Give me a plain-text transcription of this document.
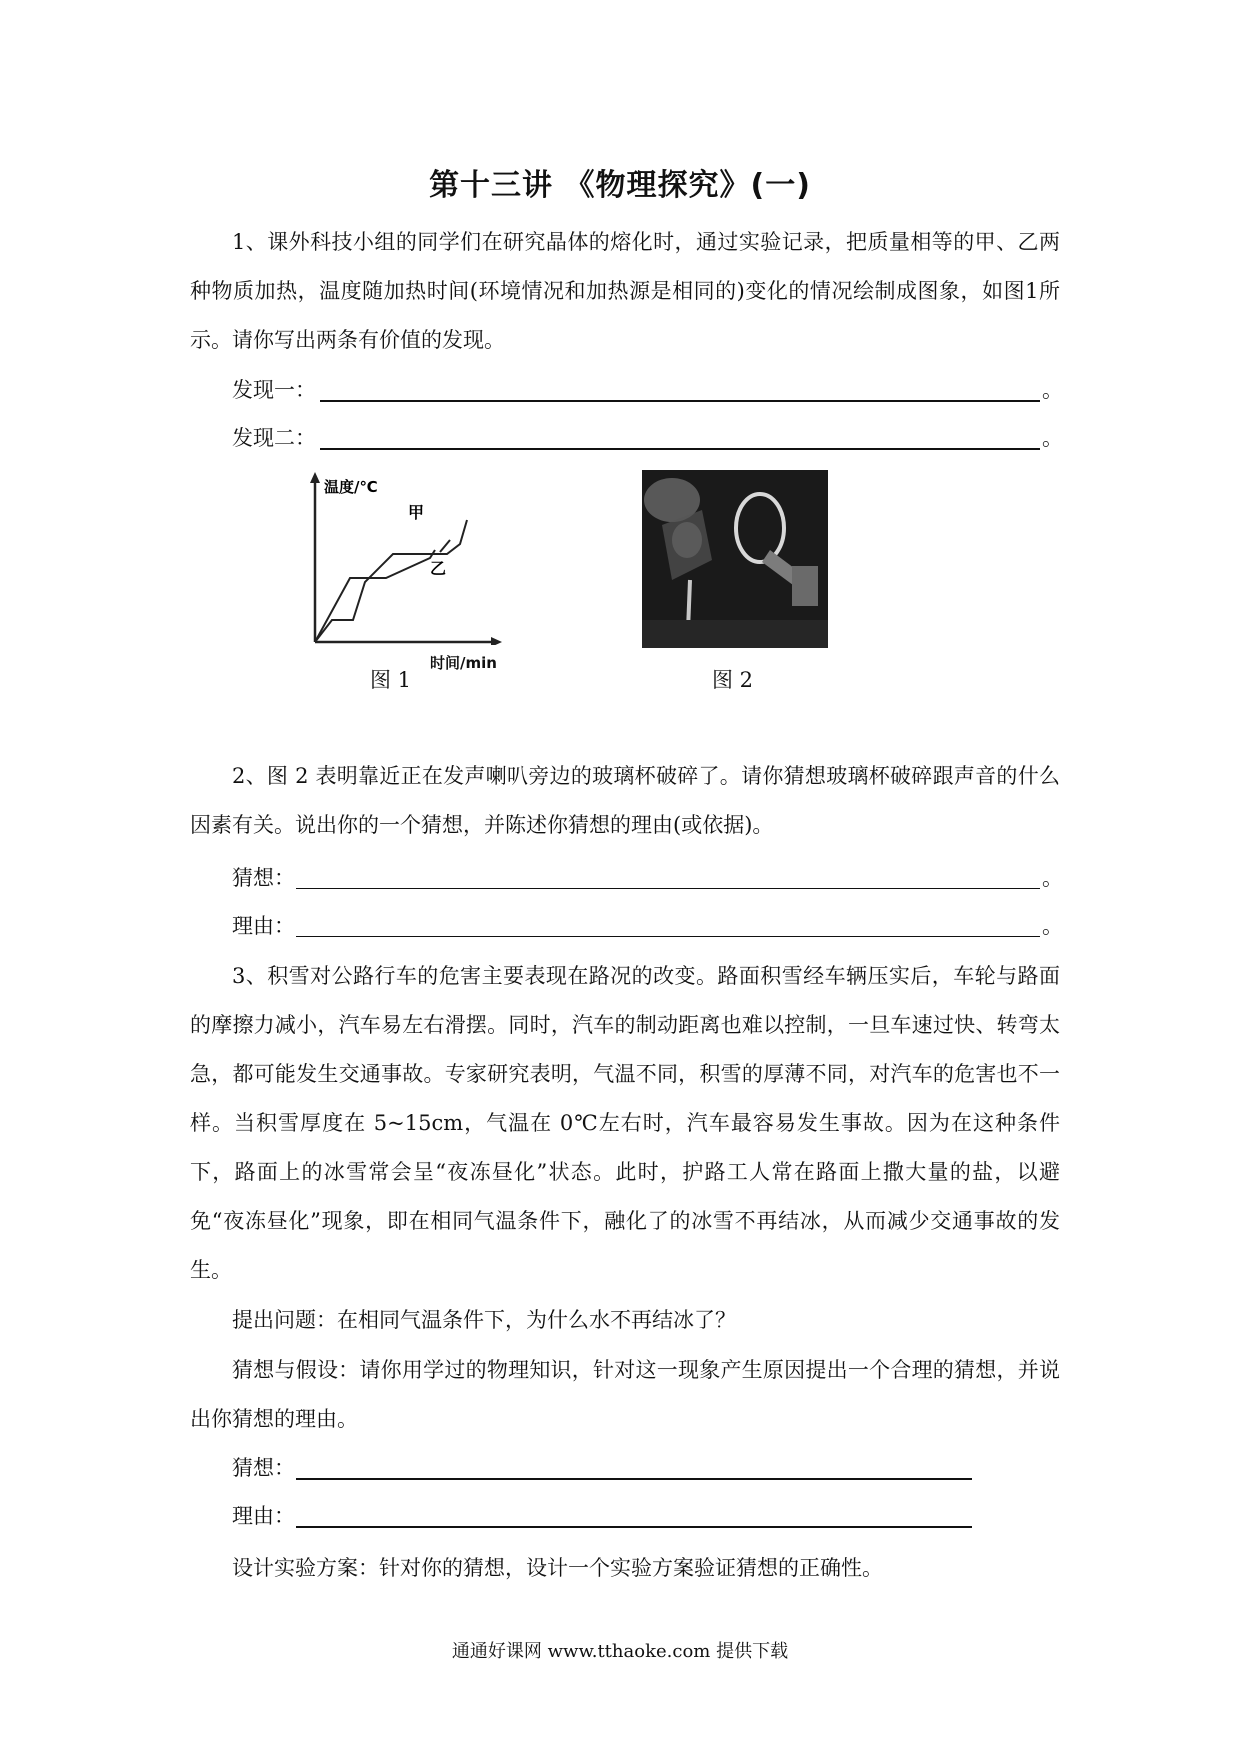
第十三讲 《物理探究》(一)
1、课外科技小组的同学们在研究晶体的熔化时，通过实验记录，把质量相等的甲、乙两种物质加热，温度随加热时间(环境情况和加热源是相同的)变化的情况绘制成图象，如图1所示。请你写出两条有价值的发现。
发现一：	。
发现二：	。
温度/℃
甲
乙
时间/min
图 1	图 2
2、图 2 表明靠近正在发声喇叭旁边的玻璃杯破碎了。请你猜想玻璃杯破碎跟声音的什么因素有关。说出你的一个猜想，并陈述你猜想的理由(或依据)。
猜想：	。
理由：	。
3、积雪对公路行车的危害主要表现在路况的改变。路面积雪经车辆压实后，车轮与路面的摩擦力减小，汽车易左右滑摆。同时，汽车的制动距离也难以控制，一旦车速过快、转弯太急，都可能发生交通事故。专家研究表明，气温不同，积雪的厚薄不同，对汽车的危害也不一样。当积雪厚度在 5~15cm，气温在 0℃左右时，汽车最容易发生事故。因为在这种条件下，路面上的冰雪常会呈“夜冻昼化”状态。此时，护路工人常在路面上撒大量的盐，以避免“夜冻昼化”现象，即在相同气温条件下，融化了的冰雪不再结冰，从而减少交通事故的发生。
提出问题：在相同气温条件下，为什么水不再结冰了？
猜想与假设：请你用学过的物理知识，针对这一现象产生原因提出一个合理的猜想，并说出你猜想的理由。
猜想：
理由：
设计实验方案：针对你的猜想，设计一个实验方案验证猜想的正确性。
通通好课网 www.tthaoke.com 提供下载
